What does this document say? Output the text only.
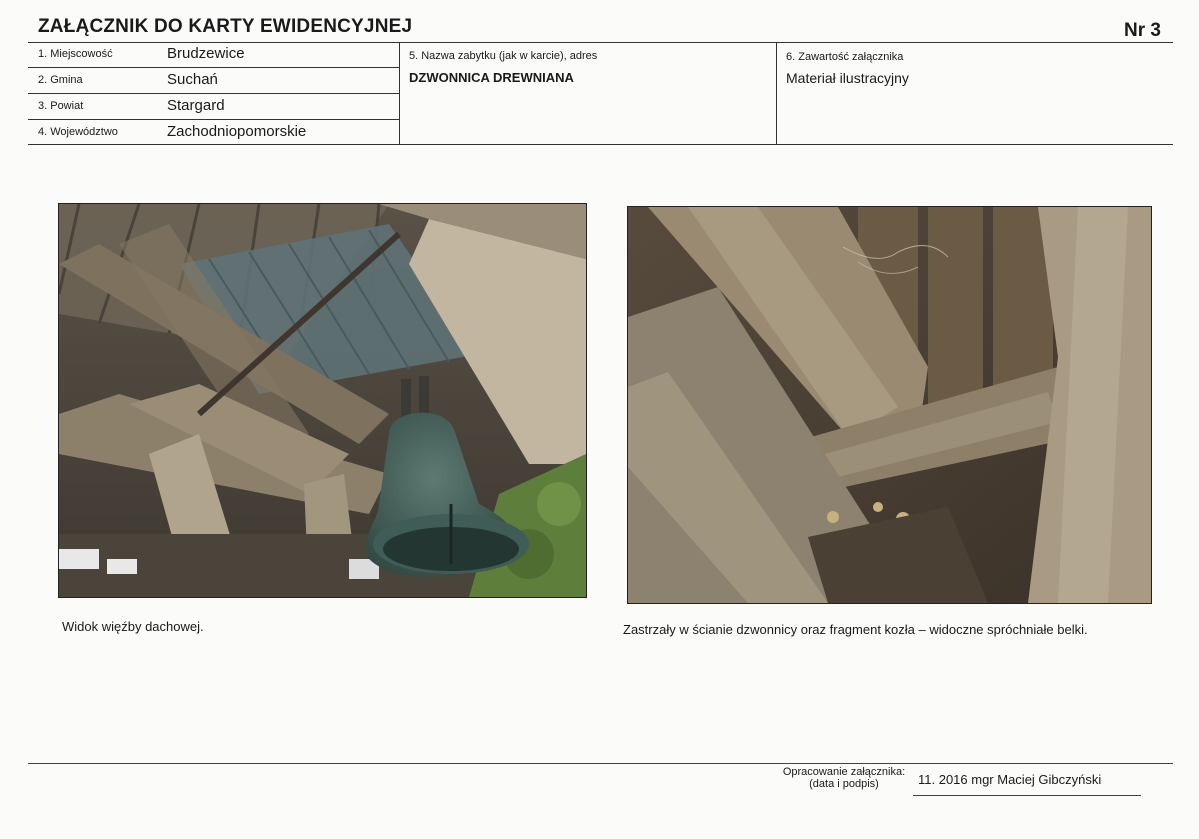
ZAŁĄCZNIK DO KARTY EWIDENCYJNEJ	Nr 3
1. Miejscowość	Brudzewice
2. Gmina	Suchań
3. Powiat	Stargard
4. Województwo	Zachodniopomorskie
5. Nazwa zabytku (jak w karcie), adres
DZWONNICA DREWNIANA
6. Zawartość załącznika
Materiał ilustracyjny
Widok więźby dachowej.	Zastrzały w ścianie dzwonnicy oraz fragment kozła – widoczne spróchniałe belki.
Opracowanie załącznika:
(data i podpis)	11. 2016 mgr Maciej Gibczyński
